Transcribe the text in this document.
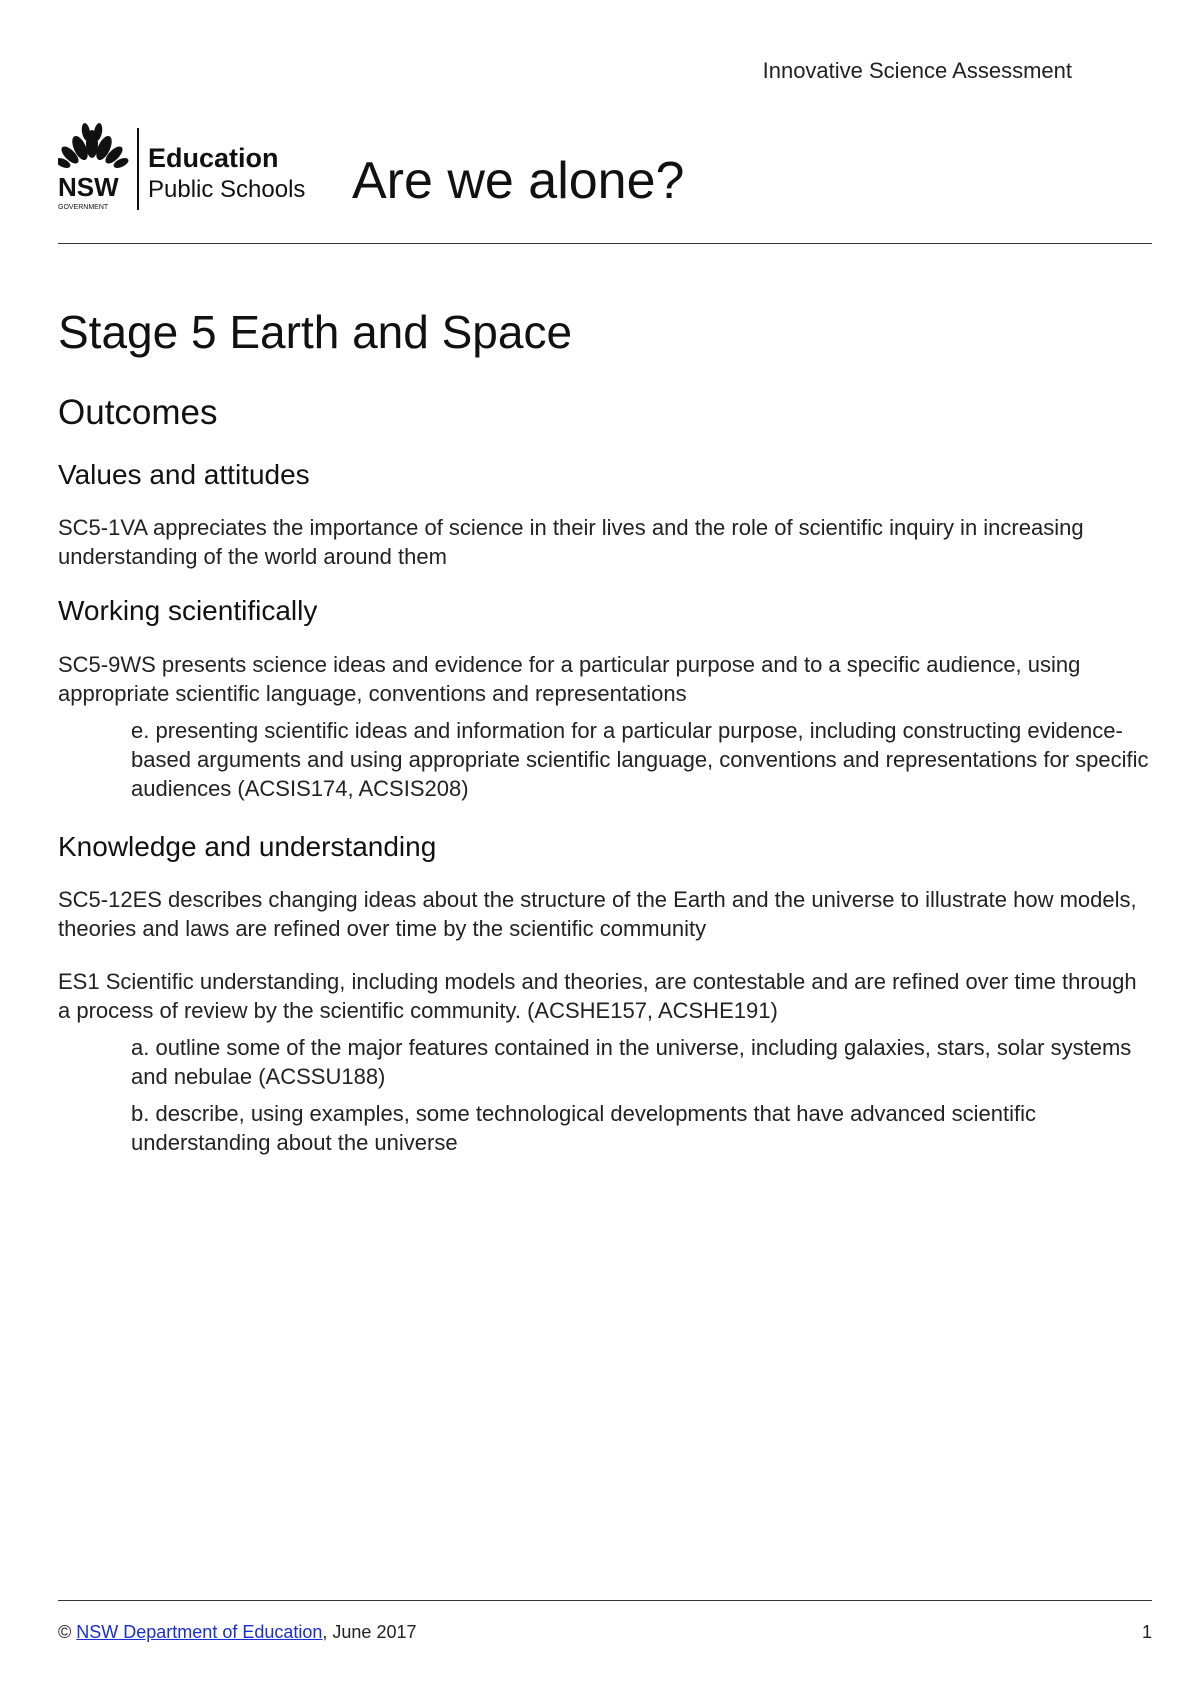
Innovative Science Assessment
NSW
GOVERNMENT
Education
Public Schools Are we alone?
Stage 5 Earth and Space
Outcomes
Values and attitudes

SC5-1VA appreciates the importance of science in their lives and the role of scientific inquiry in increasing understanding of the world around them

Working scientifically

SC5-9WS presents science ideas and evidence for a particular purpose and to a specific audience, using appropriate scientific language, conventions and representations

e. presenting scientific ideas and information for a particular purpose, including constructing evidence-based arguments and using appropriate scientific language, conventions and representations for specific audiences (ACSIS174, ACSIS208)

Knowledge and understanding

SC5-12ES describes changing ideas about the structure of the Earth and the universe to illustrate how models, theories and laws are refined over time by the scientific community

ES1 Scientific understanding, including models and theories, are contestable and are refined over time through a process of review by the scientific community. (ACSHE157, ACSHE191)

a. outline some of the major features contained in the universe, including galaxies, stars, solar systems and nebulae (ACSSU188)

b. describe, using examples, some technological developments that have advanced scientific understanding about the universe

© NSW Department of Education, June 2017	1
